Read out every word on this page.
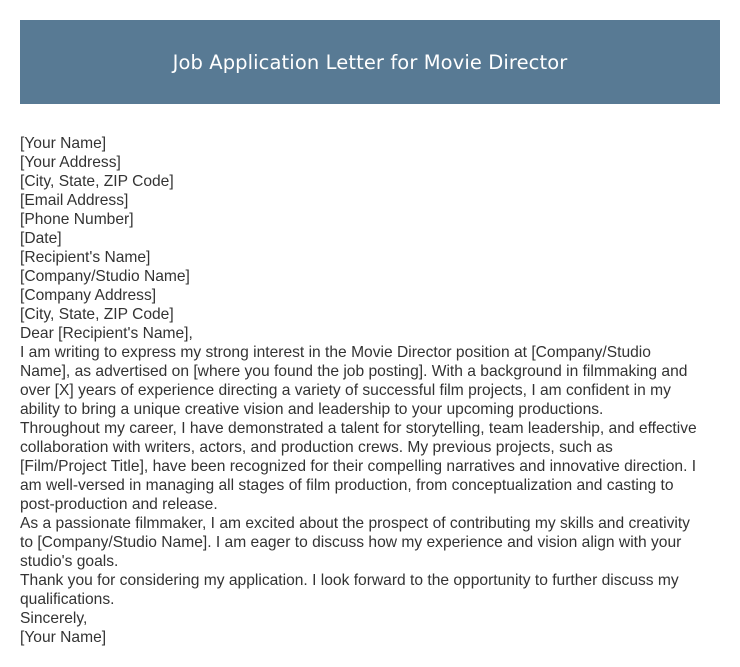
Job Application Letter for Movie Director
[Your Name]
[Your Address]
[City, State, ZIP Code]
[Email Address]
[Phone Number]
[Date]
[Recipient's Name]
[Company/Studio Name]
[Company Address]
[City, State, ZIP Code]
Dear [Recipient's Name],
I am writing to express my strong interest in the Movie Director position at [Company/Studio
Name], as advertised on [where you found the job posting]. With a background in filmmaking and
over [X] years of experience directing a variety of successful film projects, I am confident in my
ability to bring a unique creative vision and leadership to your upcoming productions.
Throughout my career, I have demonstrated a talent for storytelling, team leadership, and effective
collaboration with writers, actors, and production crews. My previous projects, such as
[Film/Project Title], have been recognized for their compelling narratives and innovative direction. I
am well-versed in managing all stages of film production, from conceptualization and casting to
post-production and release.
As a passionate filmmaker, I am excited about the prospect of contributing my skills and creativity
to [Company/Studio Name]. I am eager to discuss how my experience and vision align with your
studio's goals.
Thank you for considering my application. I look forward to the opportunity to further discuss my
qualifications.
Sincerely,
[Your Name]
